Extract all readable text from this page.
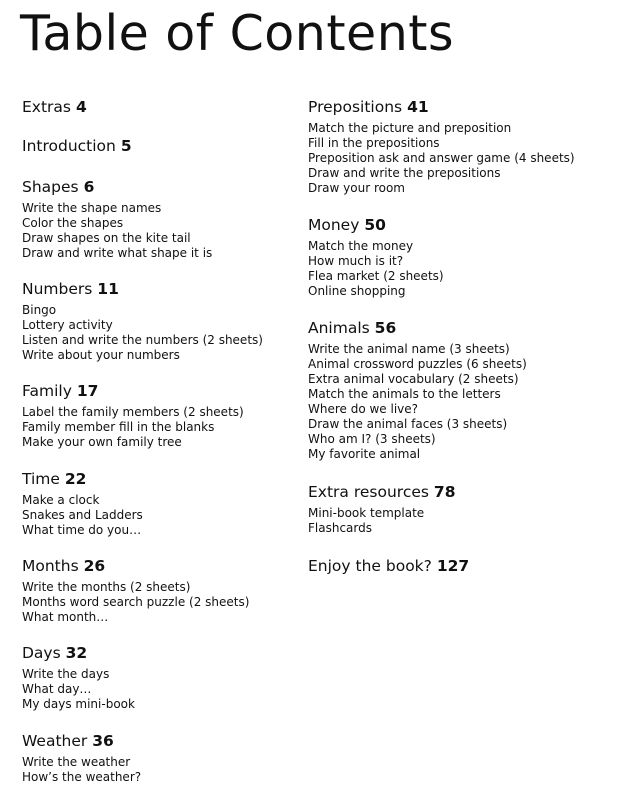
Table of Contents
Extras 4
Introduction 5
Shapes 6
Write the shape names
Color the shapes
Draw shapes on the kite tail
Draw and write what shape it is
Numbers 11
Bingo
Lottery activity
Listen and write the numbers (2 sheets)
Write about your numbers
Family 17
Label the family members (2 sheets)
Family member fill in the blanks
Make your own family tree
Time 22
Make a clock
Snakes and Ladders
What time do you…
Months 26
Write the months (2 sheets)
Months word search puzzle (2 sheets)
What month…
Days 32
Write the days
What day…
My days mini-book
Weather 36
Write the weather
How’s the weather?
Prepositions 41
Match the picture and preposition
Fill in the prepositions
Preposition ask and answer game (4 sheets)
Draw and write the prepositions
Draw your room
Money 50
Match the money
How much is it?
Flea market (2 sheets)
Online shopping
Animals 56
Write the animal name (3 sheets)
Animal crossword puzzles (6 sheets)
Extra animal vocabulary (2 sheets)
Match the animals to the letters
Where do we live?
Draw the animal faces (3 sheets)
Who am I? (3 sheets)
My favorite animal
Extra resources 78
Mini-book template
Flashcards
Enjoy the book? 127
